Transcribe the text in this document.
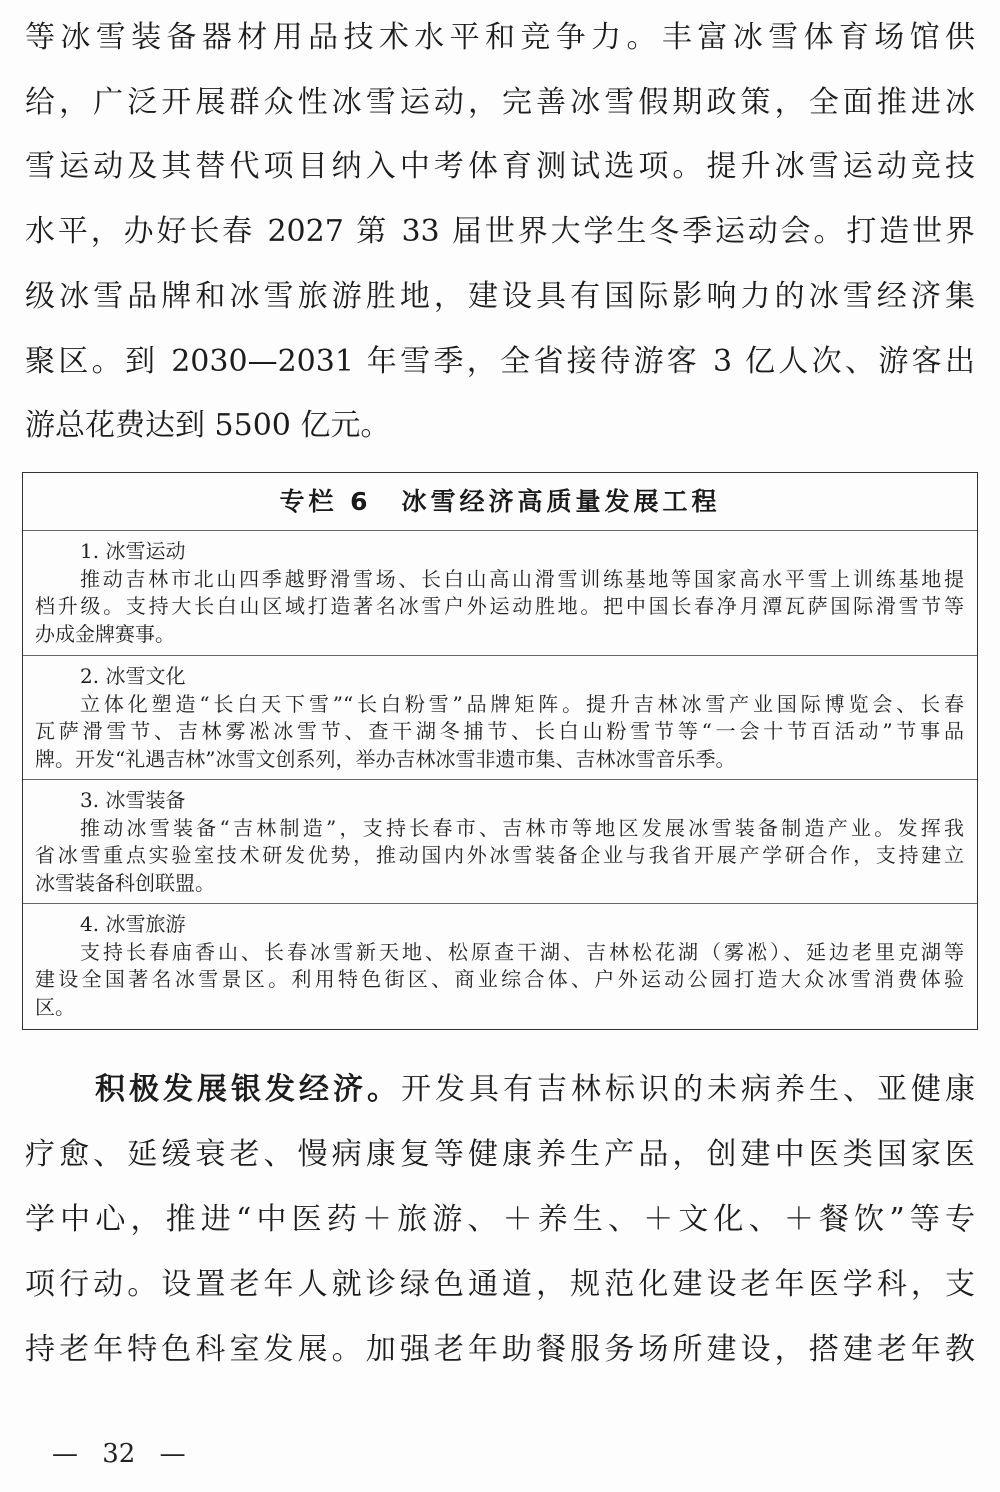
等冰雪装备器材用品技术水平和竞争力。丰富冰雪体育场馆供
给，广泛开展群众性冰雪运动，完善冰雪假期政策，全面推进冰
雪运动及其替代项目纳入中考体育测试选项。提升冰雪运动竞技
水平，办好长春 2027 第 33 届世界大学生冬季运动会。打造世界
级冰雪品牌和冰雪旅游胜地，建设具有国际影响力的冰雪经济集
聚区。到 2030—2031 年雪季，全省接待游客 3 亿人次、游客出
游总花费达到 5500 亿元。
专栏 6 冰雪经济高质量发展工程
1. 冰雪运动
推动吉林市北山四季越野滑雪场、长白山高山滑雪训练基地等国家高水平雪上训练基地提
档升级。支持大长白山区域打造著名冰雪户外运动胜地。把中国长春净月潭瓦萨国际滑雪节等
办成金牌赛事。
2. 冰雪文化
立体化塑造“长白天下雪”“长白粉雪”品牌矩阵。提升吉林冰雪产业国际博览会、长春
瓦萨滑雪节、吉林雾凇冰雪节、查干湖冬捕节、长白山粉雪节等“一会十节百活动”节事品
牌。开发“礼遇吉林”冰雪文创系列，举办吉林冰雪非遗市集、吉林冰雪音乐季。
3. 冰雪装备
推动冰雪装备“吉林制造”，支持长春市、吉林市等地区发展冰雪装备制造产业。发挥我
省冰雪重点实验室技术研发优势，推动国内外冰雪装备企业与我省开展产学研合作，支持建立
冰雪装备科创联盟。
4. 冰雪旅游
支持长春庙香山、长春冰雪新天地、松原查干湖、吉林松花湖（雾凇）、延边老里克湖等
建设全国著名冰雪景区。利用特色街区、商业综合体、户外运动公园打造大众冰雪消费体验
区。
积极发展银发经济。开发具有吉林标识的未病养生、亚健康
疗愈、延缓衰老、慢病康复等健康养生产品，创建中医类国家医
学中心，推进“中医药＋旅游、＋养生、＋文化、＋餐饮”等专
项行动。设置老年人就诊绿色通道，规范化建设老年医学科，支
持老年特色科室发展。加强老年助餐服务场所建设，搭建老年教
— 32 —
